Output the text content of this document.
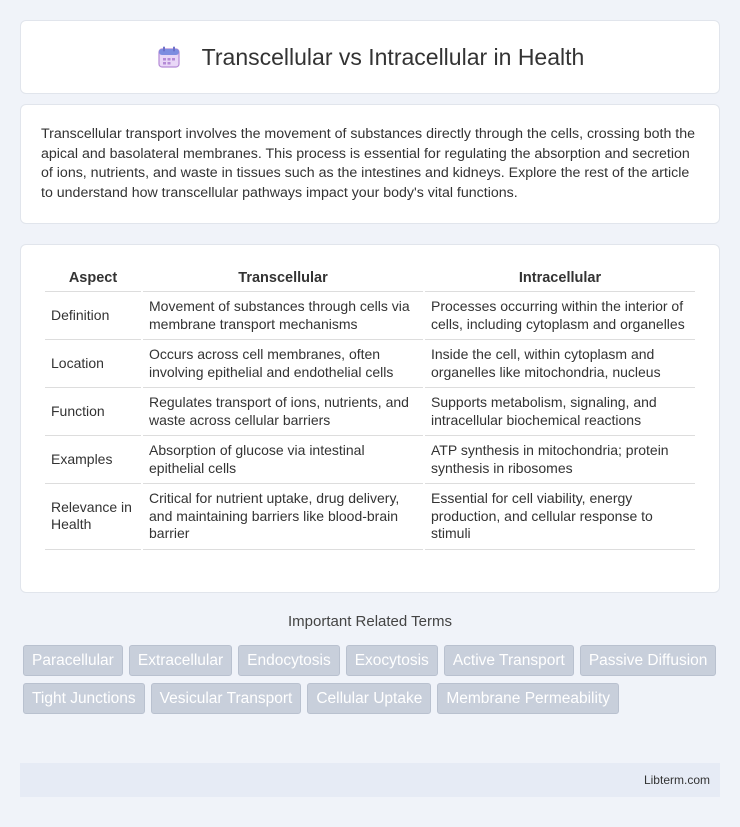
Transcellular vs Intracellular in Health

Transcellular transport involves the movement of substances directly through the cells, crossing both the apical and basolateral membranes. This process is essential for regulating the absorption and secretion of ions, nutrients, and waste in tissues such as the intestines and kidneys. Explore the rest of the article to understand how transcellular pathways impact your body's vital functions.

Aspect	Transcellular	Intracellular
Definition	Movement of substances through cells via membrane transport mechanisms	Processes occurring within the interior of cells, including cytoplasm and organelles
Location	Occurs across cell membranes, often involving epithelial and endothelial cells	Inside the cell, within cytoplasm and organelles like mitochondria, nucleus
Function	Regulates transport of ions, nutrients, and waste across cellular barriers	Supports metabolism, signaling, and intracellular biochemical reactions
Examples	Absorption of glucose via intestinal epithelial cells	ATP synthesis in mitochondria; protein synthesis in ribosomes
Relevance in Health	Critical for nutrient uptake, drug delivery, and maintaining barriers like blood-brain barrier	Essential for cell viability, energy production, and cellular response to stimuli
Important Related Terms
Paracellular	Extracellular	Endocytosis	Exocytosis	Active Transport	Passive Diffusion
Tight Junctions	Vesicular Transport	Cellular Uptake	Membrane Permeability
Libterm.com
